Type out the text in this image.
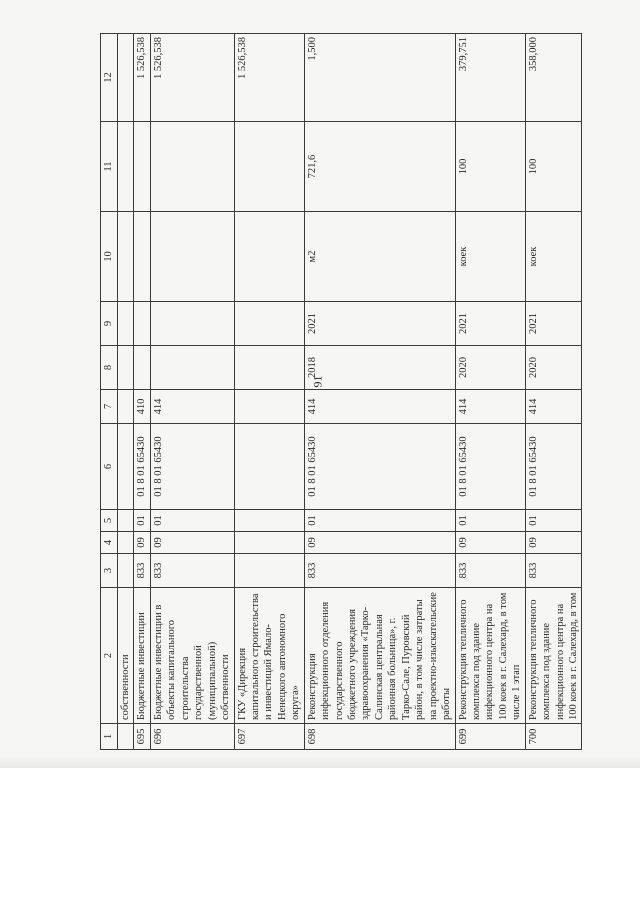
91
1	2	3	4	5	6	7	8	9	10	11	12
	собственности										
695	Бюджетные инвестиции	833	09	01	01 8 01 65430	410					1 526,538
696	Бюджетные инвестиции в объекты капитального строительства государственной (муниципальной) собственности	833	09	01	01 8 01 65430	414					1 526,538
697	ГКУ «Дирекция капитального строительства и инвестиций Ямало-Ненецкого автономного округа»										1 526,538
698	Реконструкция инфекционного отделения государственного бюджетного учреждения здравоохранения «Тарко-Салинская центральная районная больница», г. Тарко-Сале, Пуровский район, в том числе затраты на проектно-изыскательские работы	833	09	01	01 8 01 65430	414	2018	2021	м2	721,6	1,500
699	Реконструкция тепличного комплекса под здание инфекционного центра на 100 коек в г. Салехард, в том числе 1 этап	833	09	01	01 8 01 65430	414	2020	2021	коек	100	379,751
700	Реконструкция тепличного комплекса под здание инфекционного центра на 100 коек в г. Салехард, в том	833	09	01	01 8 01 65430	414	2020	2021	коек	100	358,000
